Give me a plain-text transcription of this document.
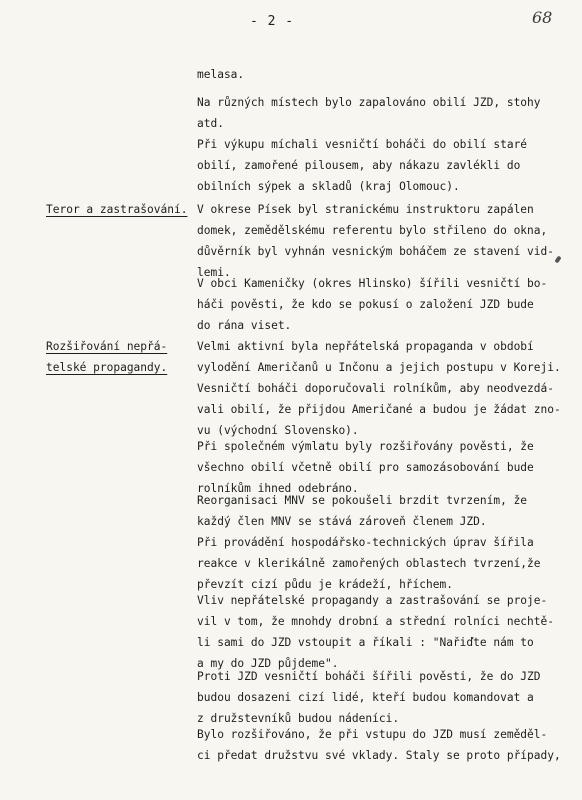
- 2 -	68
Teror a zastrašování.
Rozšiřování nepřá-
telské propagandy.
melasa.
Na různých místech bylo zapalováno obilí JZD, stohy
atd.
Při výkupu míchali vesničtí boháči do obilí staré
obilí, zamořené pilousem, aby nákazu zavlékli do
obilních sýpek a skladů (kraj Olomouc).
V okrese Písek byl stranickému instruktoru zapálen
domek, zemědělskému referentu bylo střileno do okna,
důvěrník byl vyhnán vesnickým boháčem ze stavení vid-
lemi.
V obci Kameničky (okres Hlinsko) šířili vesničtí bo-
háči pověsti, že kdo se pokusí o založení JZD bude
do rána viset.
Velmi aktivní byla nepřátelská propaganda v období
vylodění Američanů u Inčonu a jejich postupu v Koreji.
Vesničtí boháči doporučovali rolníkům, aby neodvezdá-
vali obilí, že přijdou Američané a budou je žádat zno-
vu (východní Slovensko).
Při společném výmlatu byly rozšiřovány pověsti, že
všechno obilí včetně obilí pro samozásobování bude
rolníkům ihned odebráno.
Reorganisaci MNV se pokoušeli brzdit tvrzením, že
každý člen MNV se stává zároveň členem JZD.
Při provádění hospodářsko-technických úprav šířila
reakce v klerikálně zamořených oblastech tvrzení,že
převzít cizí půdu je krádeží, hříchem.
Vliv nepřátelské propagandy a zastrašování se proje-
vil v tom, že mnohdy drobní a střední rolníci nechtě-
li sami do JZD vstoupit a říkali : "Nařiďte nám to
a my do JZD půjdeme".
Proti JZD vesničtí boháči šířili pověsti, že do JZD
budou dosazeni cizí lidé, kteří budou komandovat a
z družstevníků budou nádeníci.
Bylo rozšiřováno, že při vstupu do JZD musí zeměděl-
ci předat družstvu své vklady. Staly se proto případy,
